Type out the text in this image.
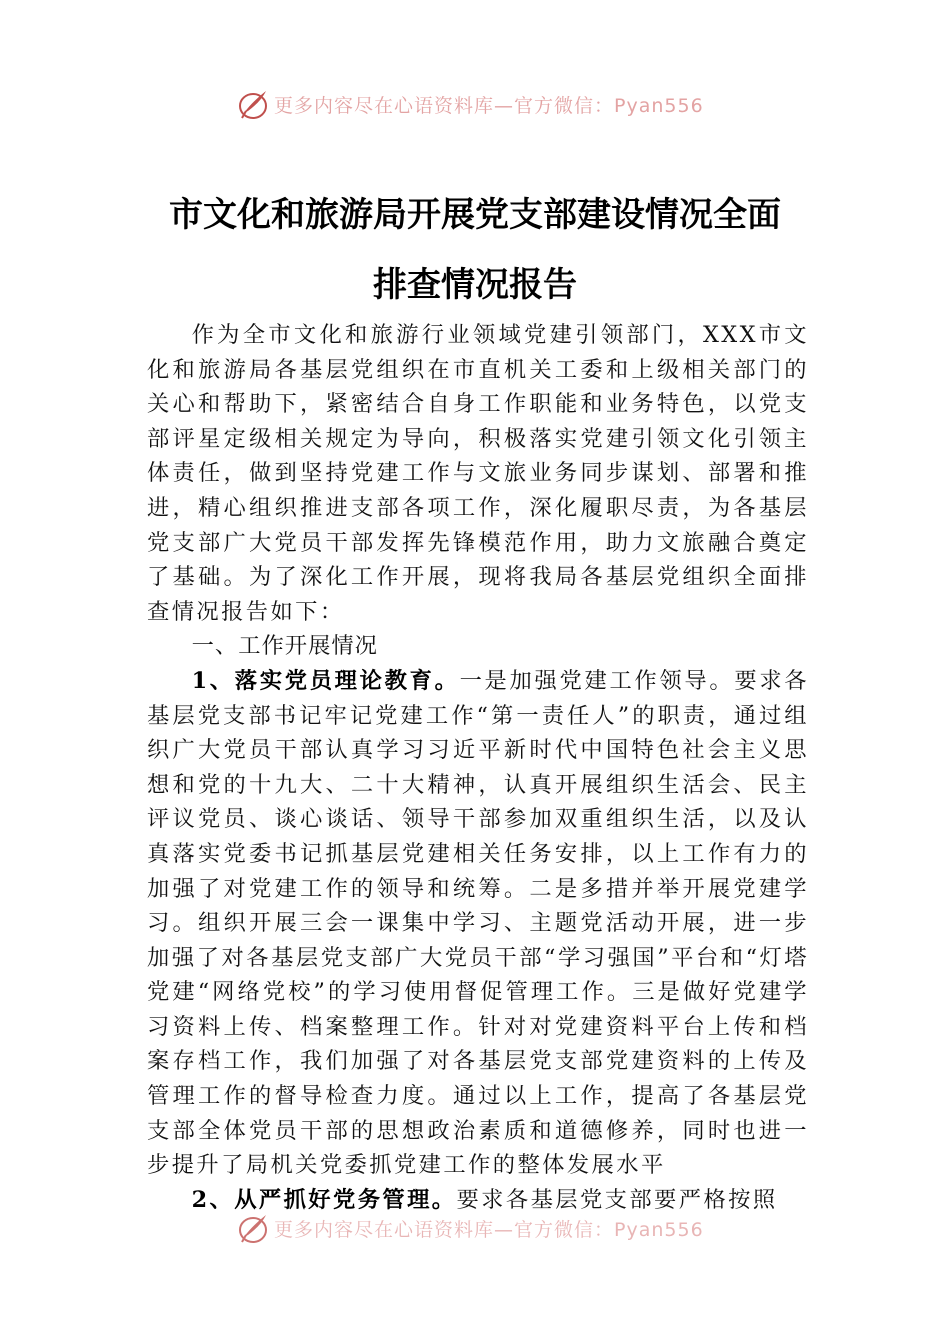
更多内容尽在心语资料库—官方微信：Pyan556
市文化和旅游局开展党支部建设情况全面
排查情况报告

作为全市文化和旅游行业领域党建引领部门，XXX市文化和旅游局各基层党组织在市直机关工委和上级相关部门的关心和帮助下，紧密结合自身工作职能和业务特色，以党支部评星定级相关规定为导向，积极落实党建引领文化引领主体责任，做到坚持党建工作与文旅业务同步谋划、部署和推进，精心组织推进支部各项工作，深化履职尽责，为各基层党支部广大党员干部发挥先锋模范作用，助力文旅融合奠定了基础。为了深化工作开展，现将我局各基层党组织全面排查情况报告如下：

一、工作开展情况

1、落实党员理论教育。一是加强党建工作领导。要求各基层党支部书记牢记党建工作“第一责任人”的职责，通过组织广大党员干部认真学习习近平新时代中国特色社会主义思想和党的十九大、二十大精神，认真开展组织生活会、民主评议党员、谈心谈话、领导干部参加双重组织生活，以及认真落实党委书记抓基层党建相关任务安排，以上工作有力的加强了对党建工作的领导和统筹。二是多措并举开展党建学习。组织开展三会一课集中学习、主题党活动开展，进一步加强了对各基层党支部广大党员干部“学习强国”平台和“灯塔党建“网络党校”的学习使用督促管理工作。三是做好党建学习资料上传、档案整理工作。针对对党建资料平台上传和档案存档工作，我们加强了对各基层党支部党建资料的上传及管理工作的督导检查力度。通过以上工作，提高了各基层党支部全体党员干部的思想政治素质和道德修养，同时也进一步提升了局机关党委抓党建工作的整体发展水平

2、从严抓好党务管理。要求各基层党支部要严格按照

更多内容尽在心语资料库—官方微信：Pyan556
